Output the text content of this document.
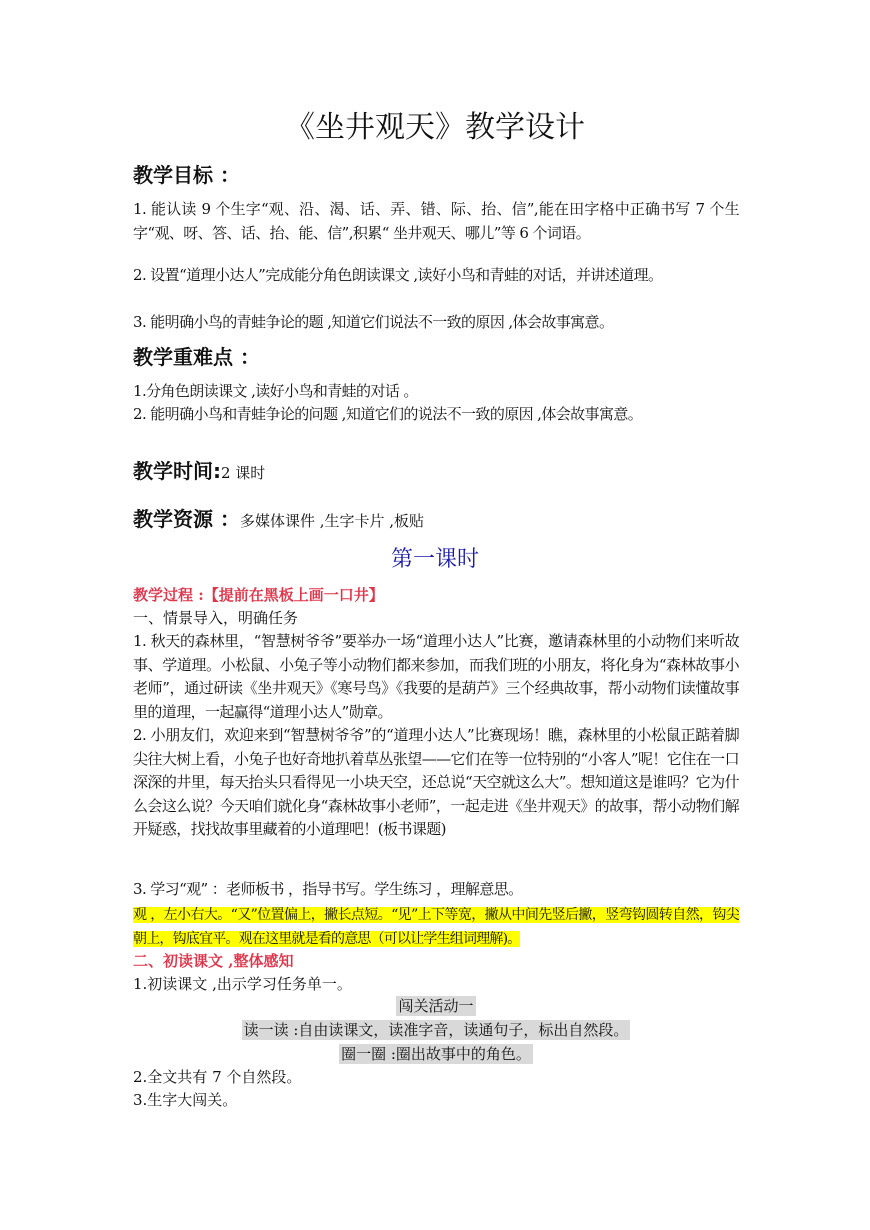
《坐井观天》教学设计
教学目标 ：

1. 能认读 9 个生字“观、沿、渴、话、弄、错、际、抬、信”,能在田字格中正确书写 7 个生字“观、呀、答、话、抬、能、信”,积累“ 坐井观天、哪儿”等 6 个词语。

2. 设置“道理小达人”完成能分角色朗读课文 ,读好小鸟和青蛙的对话，并讲述道理。

3. 能明确小鸟的青蛙争论的题 ,知道它们说法不一致的原因 ,体会故事寓意。

教学重难点 ：

1.分角色朗读课文 ,读好小鸟和青蛙的对话 。

2. 能明确小鸟和青蛙争论的问题 ,知道它们的说法不一致的原因 ,体会故事寓意。

教学时间:2 课时
教学资源 ：多媒体课件 ,生字卡片 ,板贴
第一课时

教学过程 :【提前在黑板上画一口井】

一、情景导入，明确任务

1. 秋天的森林里，“智慧树爷爷”要举办一场“道理小达人”比赛，邀请森林里的小动物们来听故事、学道理。小松鼠、小兔子等小动物们都来参加，而我们班的小朋友，将化身为“森林故事小老师”，通过研读《坐井观天》《寒号鸟》《我要的是葫芦》三个经典故事，帮小动物们读懂故事里的道理，一起赢得“道理小达人”勋章。

2. 小朋友们，欢迎来到“智慧树爷爷”的“道理小达人”比赛现场！瞧，森林里的小松鼠正踮着脚尖往大树上看，小兔子也好奇地扒着草丛张望——它们在等一位特别的“小客人”呢！它住在一口深深的井里，每天抬头只看得见一小块天空，还总说“天空就这么大”。想知道这是谁吗？它为什么会这么说？今天咱们就化身“森林故事小老师”，一起走进《坐井观天》的故事，帮小动物们解开疑惑，找找故事里藏着的小道理吧！(板书课题)

3. 学习“观” ：老师板书 ，指导书写。学生练习 ，理解意思。

观 ，左小右大。“又”位置偏上，撇长点短。“见”上下等宽，撇从中间先竖后撇，竖弯钩圆转自然，钩尖朝上，钩底宜平。观在这里就是看的意思（可以让学生组词理解)。

二、初读课文 ,整体感知

1.初读课文 ,出示学习任务单一。

闯关活动一
读一读 :自由读课文，读准字音，读通句子，标出自然段。
圈一圈 :圈出故事中的角色。

2.全文共有 7 个自然段。

3.生字大闯关。
